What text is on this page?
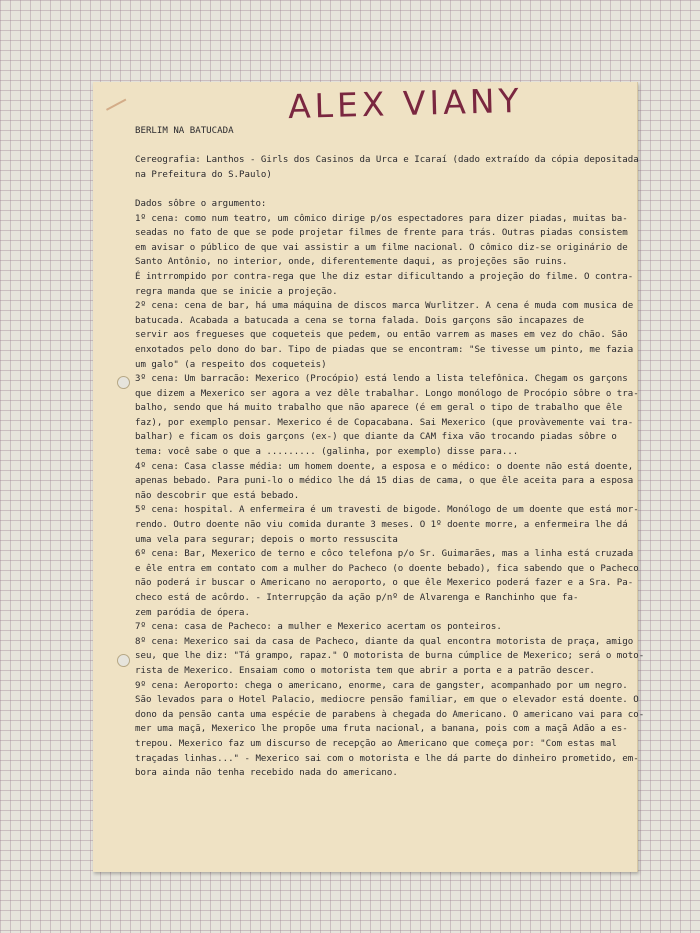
ALEX VIANY
BERLIM NA BATUCADA
Cereografia: Lanthos - Girls dos Casinos da Urca e Icaraí (dado extraído da cópia depositada
na Prefeitura do S.Paulo)
Dados sôbre o argumento:
1º cena: como num teatro, um cômico dirige p/os espectadores para dizer piadas, muitas ba-
seadas no fato de que se pode projetar filmes de frente para trás. Outras piadas consistem
em avisar o público de que vai assistir a um filme nacional. O cômico diz-se originário de
Santo Antônio, no interior, onde, diferentemente daqui, as projeções são ruins.
É intrrompido por contra-rega que lhe diz estar dificultando a projeção do filme. O contra-
regra manda que se inicie a projeção.
2º cena: cena de bar, há uma máquina de discos marca Wurlitzer. A cena é muda com musica de
batucada. Acabada a batucada a cena se torna falada. Dois garçons são incapazes de
servir aos fregueses que coqueteis que pedem, ou então varrem as mases em vez do chão. São
enxotados pelo dono do bar. Tipo de piadas que se encontram: "Se tivesse um pinto, me fazia
um galo" (a respeito dos coqueteis)
3º cena: Um barracão: Mexerico (Procópio) está lendo a lista telefônica. Chegam os garçons
que dizem a Mexerico ser agora a vez dêle trabalhar. Longo monólogo de Procópio sôbre o tra-
balho, sendo que há muito trabalho que não aparece (é em geral o tipo de trabalho que êle
faz), por exemplo pensar. Mexerico é de Copacabana. Sai Mexerico (que provàvemente vai tra-
balhar) e ficam os dois garçons (ex-) que diante da CAM fixa vão trocando piadas sôbre o
tema: você sabe o que a ......... (galinha, por exemplo) disse para...
4º cena: Casa classe média: um homem doente, a esposa e o médico: o doente não está doente,
apenas bebado. Para puni-lo o médico lhe dá 15 dias de cama, o que êle aceita para a esposa
não descobrir que está bebado.
5º cena: hospital. A enfermeira é um travesti de bigode. Monólogo de um doente que está mor-
rendo. Outro doente não viu comida durante 3 meses. O 1º doente morre, a enfermeira lhe dá
uma vela para segurar; depois o morto ressuscita
6º cena: Bar, Mexerico de terno e côco telefona p/o Sr. Guimarães, mas a linha está cruzada
e êle entra em contato com a mulher do Pacheco (o doente bebado), fica sabendo que o Pacheco
não poderá ir buscar o Americano no aeroporto, o que êle Mexerico poderá fazer e a Sra. Pa-
checo está de acôrdo. - Interrupção da ação p/nº de Alvarenga e Ranchinho que fa-
zem paródia de ópera.
7º cena: casa de Pacheco: a mulher e Mexerico acertam os ponteiros.
8º cena: Mexerico sai da casa de Pacheco, diante da qual encontra motorista de praça, amigo
seu, que lhe diz: "Tá grampo, rapaz." O motorista de burna cúmplice de Mexerico; será o moto-
rista de Mexerico. Ensaiam como o motorista tem que abrir a porta e a patrão descer.
9º cena: Aeroporto: chega o americano, enorme, cara de gangster, acompanhado por um negro.
São levados para o Hotel Palacio, mediocre pensão familiar, em que o elevador está doente. O
dono da pensão canta uma espécie de parabens à chegada do Americano. O americano vai para co-
mer uma maçã, Mexerico lhe propõe uma fruta nacional, a banana, pois com a maçã Adão a es-
trepou. Mexerico faz um discurso de recepção ao Americano que começa por: "Com estas mal
traçadas linhas..." - Mexerico sai com o motorista e lhe dá parte do dinheiro prometido, em-
bora ainda não tenha recebido nada do americano.
